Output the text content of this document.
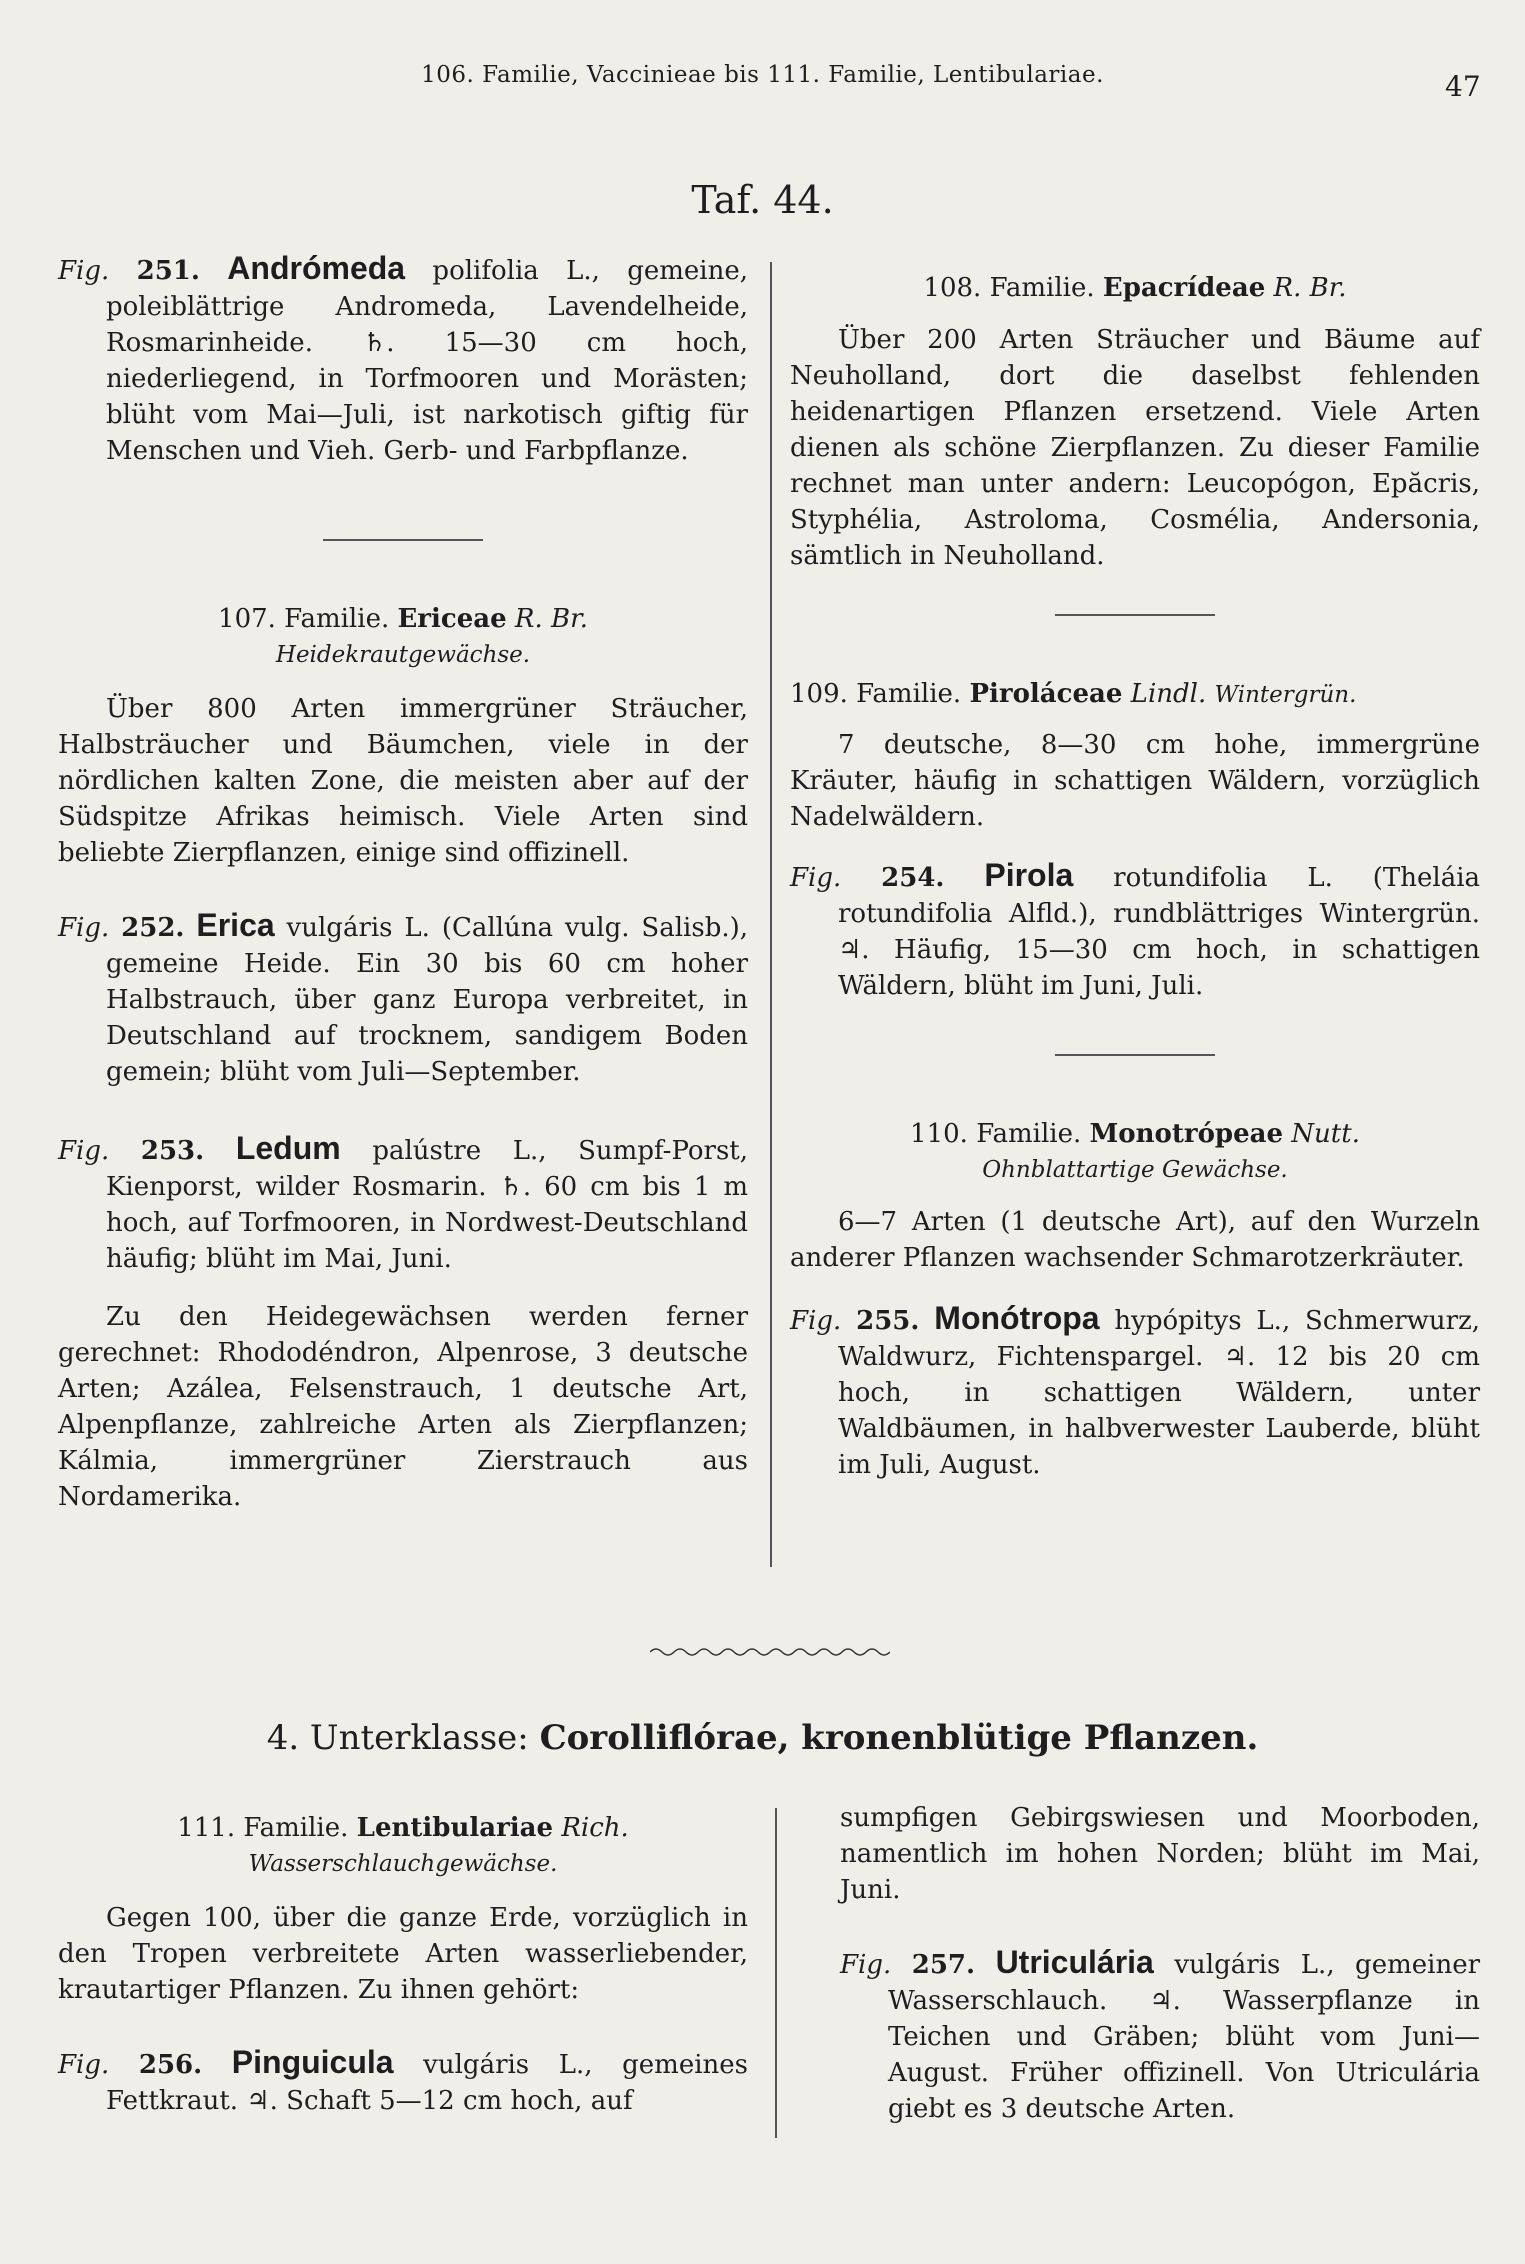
106. Familie, Vaccinieae bis 111. Familie, Lentibulariae.	47
Taf. 44.

Fig. 251. Andrómeda polifolia L., gemeine, poleiblättrige Andromeda, Lavendelheide, Rosmarinheide. ♄. 15—30 cm hoch, niederliegend, in Torfmooren und Morästen; blüht vom Mai—Juli, ist narkotisch giftig für Menschen und Vieh. Gerb- und Farbpflanze.

107. Familie. Ericeae R. Br.

Heidekrautgewächse.

Über 800 Arten immergrüner Sträucher, Halbsträucher und Bäumchen, viele in der nördlichen kalten Zone, die meisten aber auf der Südspitze Afrikas heimisch. Viele Arten sind beliebte Zierpflanzen, einige sind offizinell.

Fig. 252. Erica vulgáris L. (Callúna vulg. Salisb.), gemeine Heide. Ein 30 bis 60 cm hoher Halbstrauch, über ganz Europa verbreitet, in Deutschland auf trocknem, sandigem Boden gemein; blüht vom Juli—September.

Fig. 253. Ledum palústre L., Sumpf-Porst, Kienporst, wilder Rosmarin. ♄. 60 cm bis 1 m hoch, auf Torfmooren, in Nordwest-Deutschland häufig; blüht im Mai, Juni.

Zu den Heidegewächsen werden ferner gerechnet: Rhododéndron, Alpenrose, 3 deutsche Arten; Azálea, Felsenstrauch, 1 deutsche Art, Alpenpflanze, zahlreiche Arten als Zierpflanzen; Kálmia, immergrüner Zierstrauch aus Nordamerika.

108. Familie. Epacrídeae R. Br.

Über 200 Arten Sträucher und Bäume auf Neuholland, dort die daselbst fehlenden heidenartigen Pflanzen ersetzend. Viele Arten dienen als schöne Zierpflanzen. Zu dieser Familie rechnet man unter andern: Leucopógon, Epăcris, Styphélia, Astroloma, Cosmélia, Andersonia, sämtlich in Neuholland.

109. Familie. Piroláceae Lindl. Wintergrün.

7 deutsche, 8—30 cm hohe, immergrüne Kräuter, häufig in schattigen Wäldern, vorzüglich Nadelwäldern.

Fig. 254. Pirola rotundifolia L. (Theláia rotundifolia Alfld.), rundblättriges Wintergrün. ♃. Häufig, 15—30 cm hoch, in schattigen Wäldern, blüht im Juni, Juli.

110. Familie. Monotrópeae Nutt.

Ohnblattartige Gewächse.

6—7 Arten (1 deutsche Art), auf den Wurzeln anderer Pflanzen wachsender Schmarotzerkräuter.

Fig. 255. Monótropa hypópitys L., Schmerwurz, Waldwurz, Fichtenspargel. ♃. 12 bis 20 cm hoch, in schattigen Wäldern, unter Waldbäumen, in halbverwester Lauberde, blüht im Juli, August.

4. Unterklasse: Corolliflórae, kronenblütige Pflanzen.

111. Familie. Lentibulariae Rich.

Wasserschlauchgewächse.

Gegen 100, über die ganze Erde, vorzüglich in den Tropen verbreitete Arten wasserliebender, krautartiger Pflanzen. Zu ihnen gehört:

Fig. 256. Pinguicula vulgáris L., gemeines Fettkraut. ♃. Schaft 5—12 cm hoch, auf

sumpfigen Gebirgswiesen und Moorboden, namentlich im hohen Norden; blüht im Mai, Juni.

Fig. 257. Utriculária vulgáris L., gemeiner Wasserschlauch. ♃. Wasserpflanze in Teichen und Gräben; blüht vom Juni—August. Früher offizinell. Von Utriculária giebt es 3 deutsche Arten.
